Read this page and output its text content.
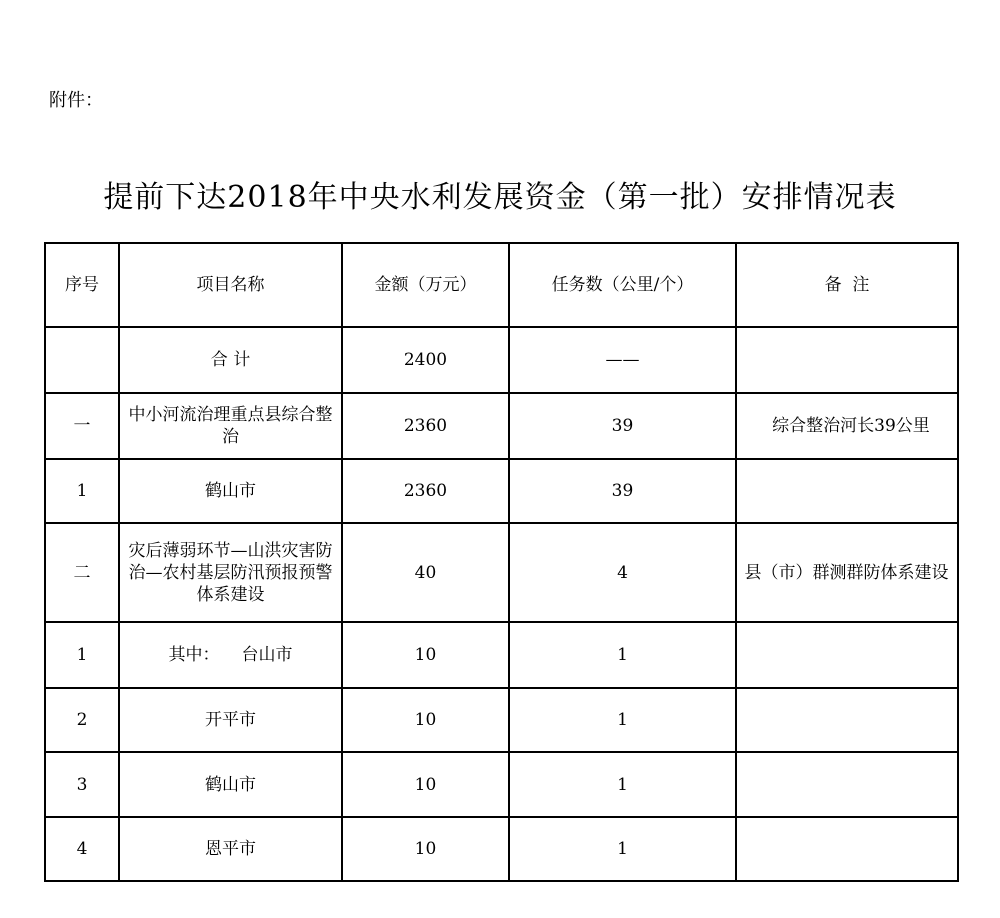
附件：
提前下达2018年中央水利发展资金（第一批）安排情况表
序号	项目名称	金额（万元）	任务数（公里/个）	备  注
	合 计	2400	——	
一	中小河流治理重点县综合整治	2360	39	综合整治河长39公里
1	鹤山市	2360	39	
二	灾后薄弱环节—山洪灾害防治—农村基层防汛预报预警体系建设	40	4	县（市）群测群防体系建设
1	其中： 台山市	10	1	
2	开平市	10	1	
3	鹤山市	10	1	
4	恩平市	10	1	
